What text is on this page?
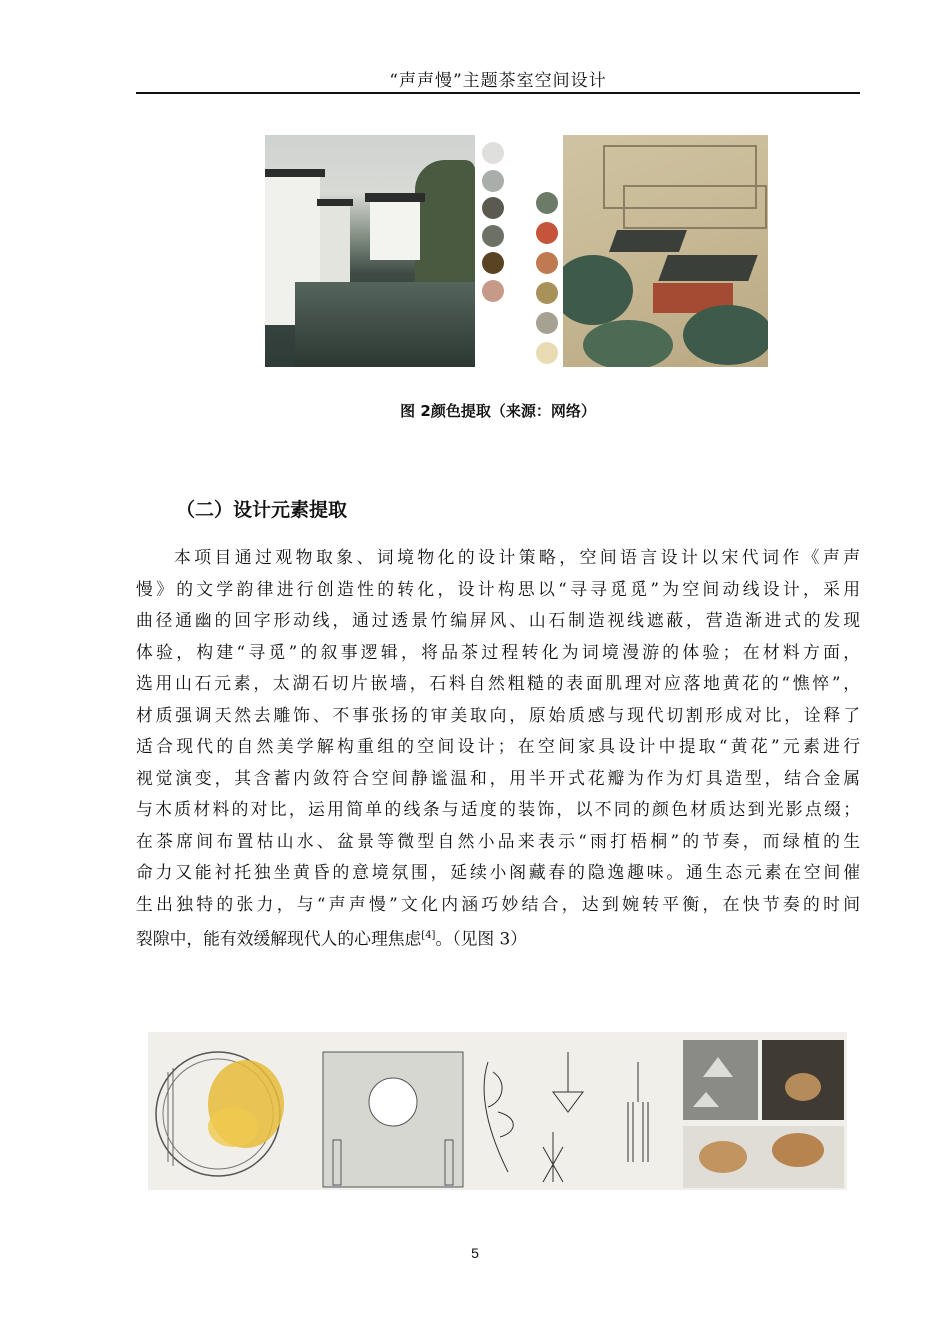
“声声慢”主题茶室空间设计
图 2颜色提取（来源：网络）
（二）设计元素提取
本项目通过观物取象、词境物化的设计策略，空间语言设计以宋代词作《声声
慢》的文学韵律进行创造性的转化，设计构思以“寻寻觅觅”为空间动线设计，采用
曲径通幽的回字形动线，通过透景竹编屏风、山石制造视线遮蔽，营造渐进式的发现
体验，构建“寻觅”的叙事逻辑，将品茶过程转化为词境漫游的体验；在材料方面，
选用山石元素，太湖石切片嵌墙，石料自然粗糙的表面肌理对应落地黄花的“憔悴”，
材质强调天然去雕饰、不事张扬的审美取向，原始质感与现代切割形成对比，诠释了
适合现代的自然美学解构重组的空间设计；在空间家具设计中提取“黄花”元素进行
视觉演变，其含蓄内敛符合空间静谧温和，用半开式花瓣为作为灯具造型，结合金属
与木质材料的对比，运用简单的线条与适度的装饰，以不同的颜色材质达到光影点缀；
在茶席间布置枯山水、盆景等微型自然小品来表示“雨打梧桐”的节奏，而绿植的生
命力又能衬托独坐黄昏的意境氛围，延续小阁藏春的隐逸趣味。通生态元素在空间催
生出独特的张力，与“声声慢”文化内涵巧妙结合，达到婉转平衡，在快节奏的时间
裂隙中，能有效缓解现代人的心理焦虑[4]。（见图 3）
5
